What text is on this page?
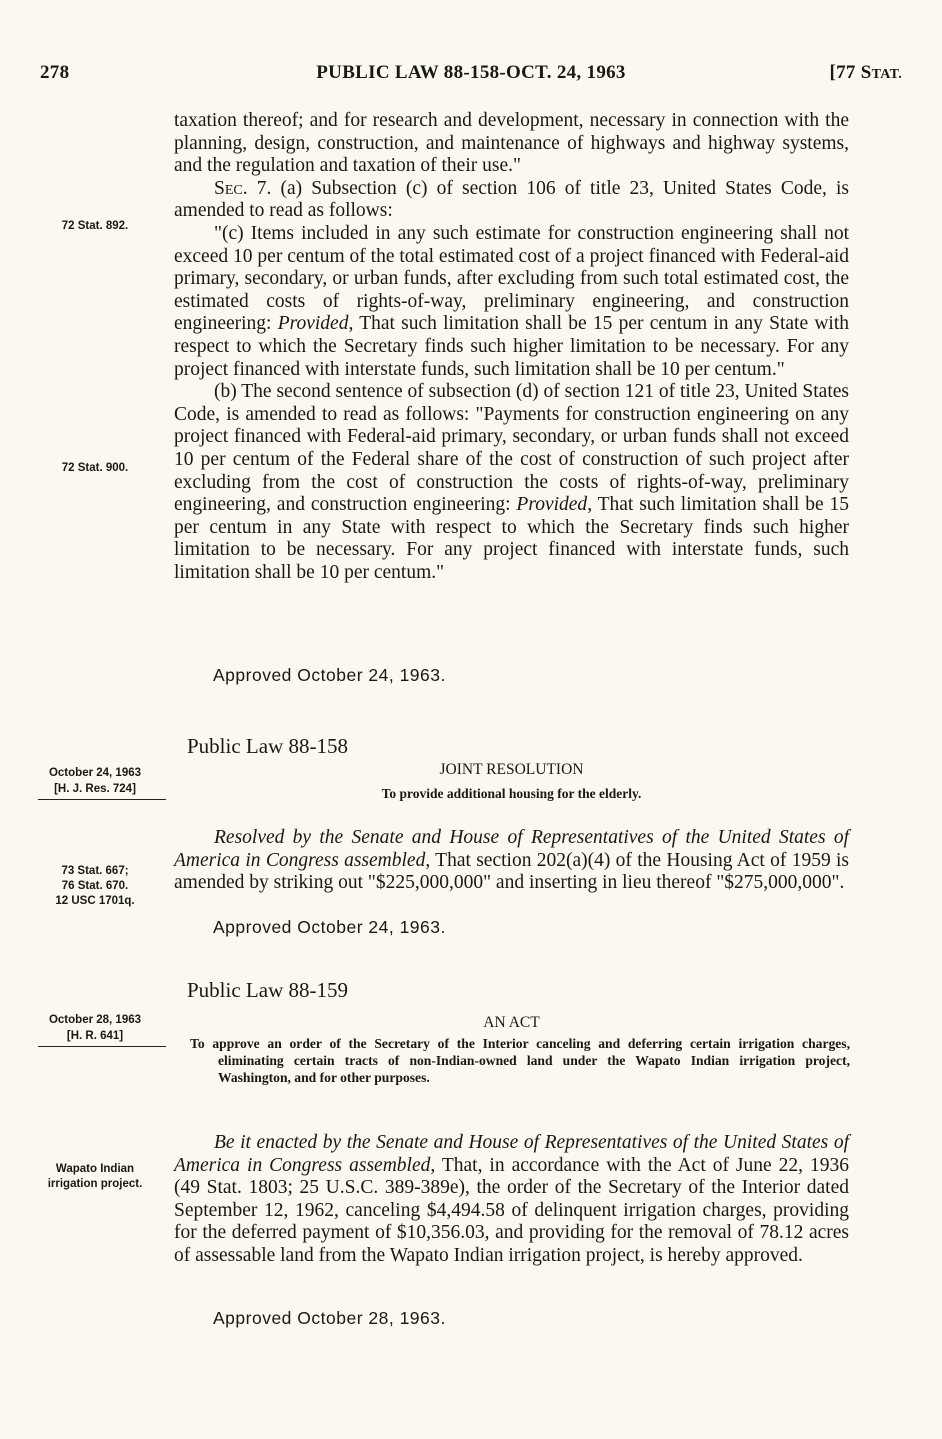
278	PUBLIC LAW 88-158-OCT. 24, 1963	[77 STAT.

taxation thereof; and for research and development, necessary in connection with the planning, design, construction, and maintenance of highways and highway systems, and the regulation and taxation of their use."

Sec. 7. (a) Subsection (c) of section 106 of title 23, United States Code, is amended to read as follows:

"(c) Items included in any such estimate for construction engineering shall not exceed 10 per centum of the total estimated cost of a project financed with Federal-aid primary, secondary, or urban funds, after excluding from such total estimated cost, the estimated costs of rights-of-way, preliminary engineering, and construction engineering: Provided, That such limitation shall be 15 per centum in any State with respect to which the Secretary finds such higher limitation to be necessary. For any project financed with interstate funds, such limitation shall be 10 per centum."

(b) The second sentence of subsection (d) of section 121 of title 23, United States Code, is amended to read as follows: "Payments for construction engineering on any project financed with Federal-aid primary, secondary, or urban funds shall not exceed 10 per centum of the Federal share of the cost of construction of such project after excluding from the cost of construction the costs of rights-of-way, preliminary engineering, and construction engineering: Provided, That such limitation shall be 15 per centum in any State with respect to which the Secretary finds such higher limitation to be necessary. For any project financed with interstate funds, such limitation shall be 10 per centum."

72 Stat. 892.
72 Stat. 900.
Approved October 24, 1963.
Public Law 88-158
JOINT RESOLUTION
To provide additional housing for the elderly.
October 24, 1963
[H. J. Res. 724]

Resolved by the Senate and House of Representatives of the United States of America in Congress assembled, That section 202(a)(4) of the Housing Act of 1959 is amended by striking out "$225,000,000" and inserting in lieu thereof "$275,000,000".

73 Stat. 667;
76 Stat. 670.
12 USC 1701q.
Approved October 24, 1963.
Public Law 88-159
AN ACT
October 28, 1963
[H. R. 641]	To approve an order of the Secretary of the Interior canceling and deferring certain irrigation charges, eliminating certain tracts of non-Indian-owned land under the Wapato Indian irrigation project, Washington, and for other purposes.

Be it enacted by the Senate and House of Representatives of the United States of America in Congress assembled, That, in accordance with the Act of June 22, 1936 (49 Stat. 1803; 25 U.S.C. 389-389e), the order of the Secretary of the Interior dated September 12, 1962, canceling $4,494.58 of delinquent irrigation charges, providing for the deferred payment of $10,356.03, and providing for the removal of 78.12 acres of assessable land from the Wapato Indian irrigation project, is hereby approved.

Wapato Indian
irrigation project.
Approved October 28, 1963.
